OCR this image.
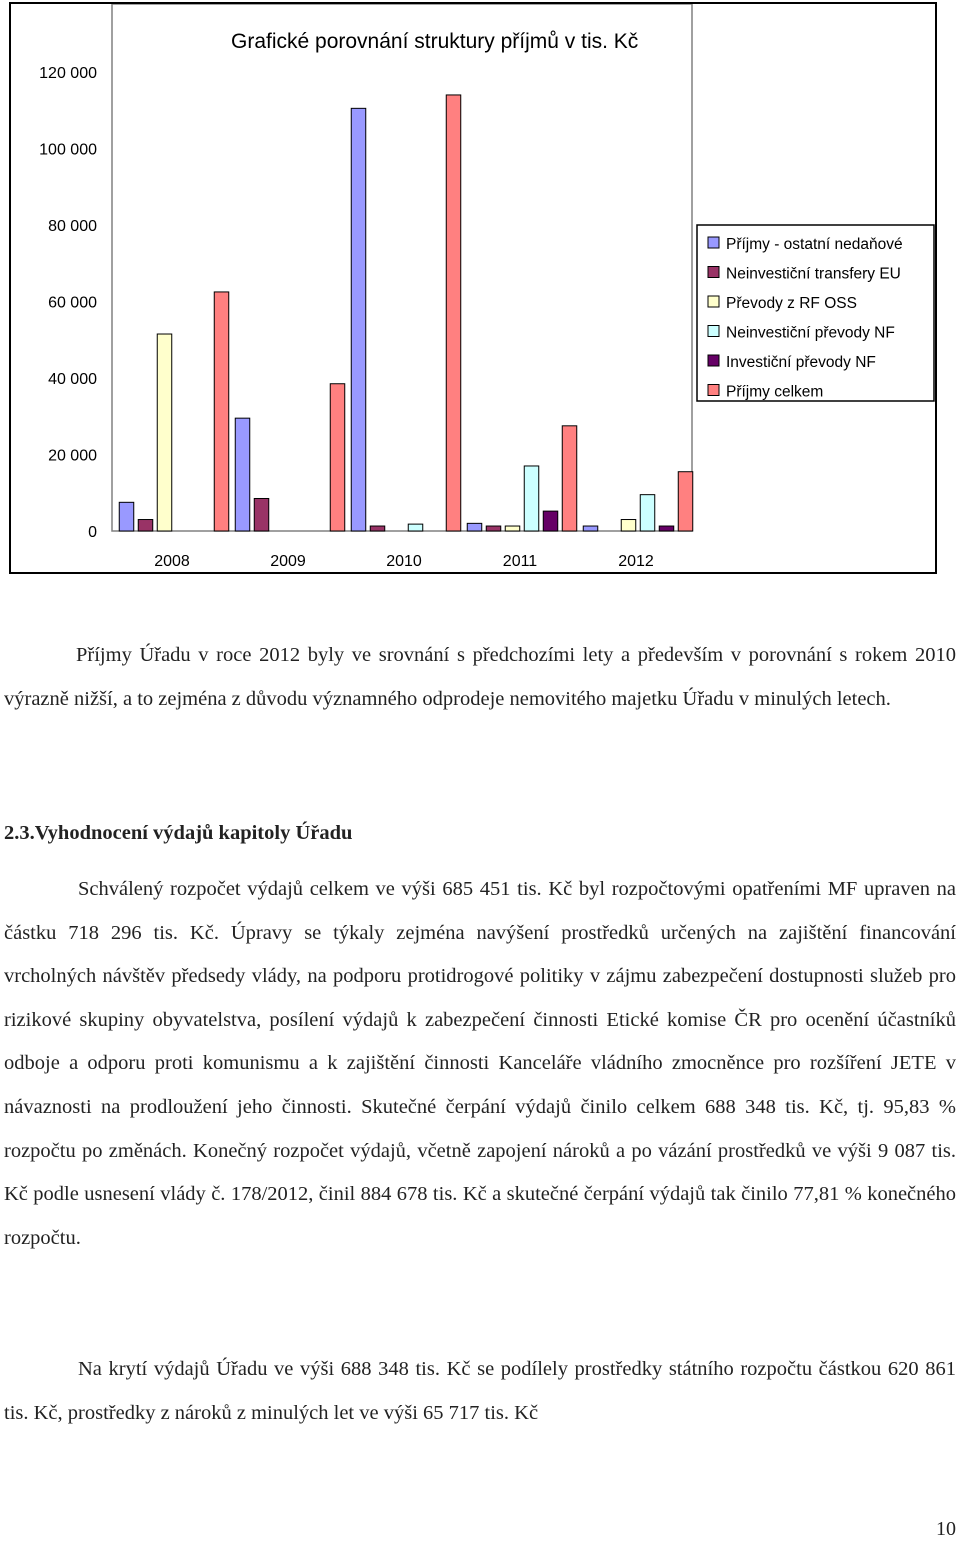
Grafické porovnání struktury příjmů v tis. Kč
0
20 000
40 000
60 000
80 000
100 000
120 000
2008	2009	2010	2011	2012
Příjmy - ostatní nedaňové
Neinvestiční transfery EU
Převody z RF OSS
Neinvestiční převody NF
Investiční převody NF
Příjmy celkem

Příjmy Úřadu v roce 2012 byly ve srovnání s předchozími lety a především v porovnání s rokem 2010 výrazně nižší, a to zejména z důvodu významného odprodeje nemovitého majetku Úřadu v minulých letech.

2.3.Vyhodnocení výdajů kapitoly Úřadu

Schválený rozpočet výdajů celkem ve výši 685 451 tis. Kč byl rozpočtovými opatřeními MF upraven na částku 718 296 tis. Kč. Úpravy se týkaly zejména navýšení prostředků určených na zajištění financování vrcholných návštěv předsedy vlády, na podporu protidrogové politiky v zájmu zabezpečení dostupnosti služeb pro rizikové skupiny obyvatelstva, posílení výdajů k zabezpečení činnosti Etické komise ČR pro ocenění účastníků odboje a odporu proti komunismu a k zajištění činnosti Kanceláře vládního zmocněnce pro rozšíření JETE v návaznosti na prodloužení jeho činnosti. Skutečné čerpání výdajů činilo celkem 688 348 tis. Kč, tj. 95,83 % rozpočtu po změnách. Konečný rozpočet výdajů, včetně zapojení nároků a po vázání prostředků ve výši 9 087 tis. Kč podle usnesení vlády č. 178/2012, činil 884 678 tis. Kč a skutečné čerpání výdajů tak činilo 77,81 % konečného rozpočtu.

Na krytí výdajů Úřadu ve výši 688 348 tis. Kč se podílely prostředky státního rozpočtu částkou 620 861 tis. Kč, prostředky z nároků z minulých let ve výši 65 717 tis. Kč

10
